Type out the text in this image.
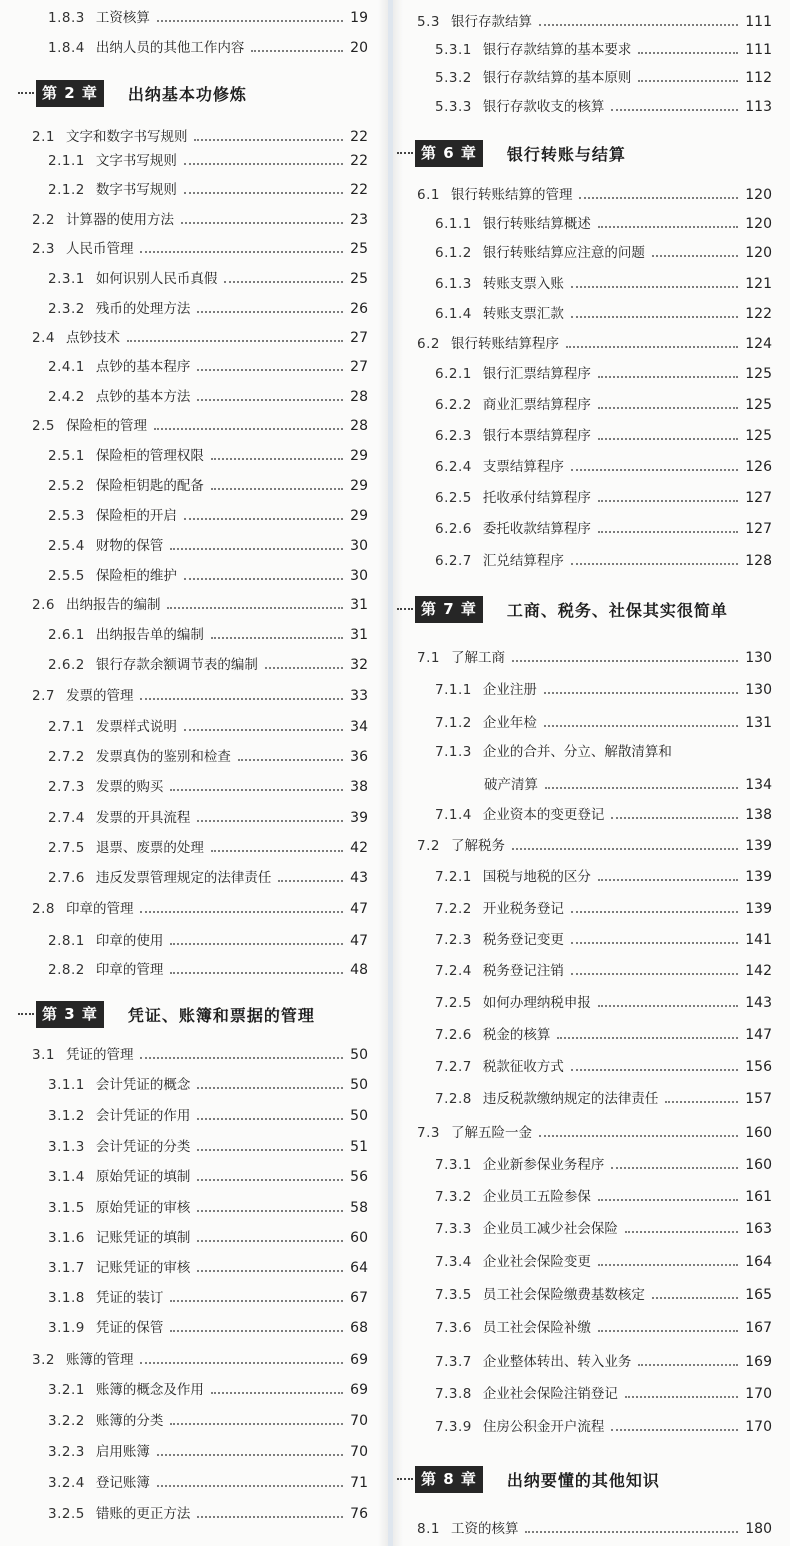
1.8.3 工资核算	19
1.8.4 出纳人员的其他工作内容	20
第 2 章	出纳基本功修炼
2.1 文字和数字书写规则	22
2.1.1 文字书写规则	22
2.1.2 数字书写规则	22
2.2 计算器的使用方法	23
2.3 人民币管理	25
2.3.1 如何识别人民币真假	25
2.3.2 残币的处理方法	26
2.4 点钞技术	27
2.4.1 点钞的基本程序	27
2.4.2 点钞的基本方法	28
2.5 保险柜的管理	28
2.5.1 保险柜的管理权限	29
2.5.2 保险柜钥匙的配备	29
2.5.3 保险柜的开启	29
2.5.4 财物的保管	30
2.5.5 保险柜的维护	30
2.6 出纳报告的编制	31
2.6.1 出纳报告单的编制	31
2.6.2 银行存款余额调节表的编制	32
2.7 发票的管理	33
2.7.1 发票样式说明	34
2.7.2 发票真伪的鉴别和检查	36
2.7.3 发票的购买	38
2.7.4 发票的开具流程	39
2.7.5 退票、废票的处理	42
2.7.6 违反发票管理规定的法律责任	43
2.8 印章的管理	47
2.8.1 印章的使用	47
2.8.2 印章的管理	48
第 3 章	凭证、账簿和票据的管理
3.1 凭证的管理	50
3.1.1 会计凭证的概念	50
3.1.2 会计凭证的作用	50
3.1.3 会计凭证的分类	51
3.1.4 原始凭证的填制	56
3.1.5 原始凭证的审核	58
3.1.6 记账凭证的填制	60
3.1.7 记账凭证的审核	64
3.1.8 凭证的装订	67
3.1.9 凭证的保管	68
3.2 账簿的管理	69
3.2.1 账簿的概念及作用	69
3.2.2 账簿的分类	70
3.2.3 启用账簿	70
3.2.4 登记账簿	71
3.2.5 错账的更正方法	76
5.3 银行存款结算	111
5.3.1 银行存款结算的基本要求	111
5.3.2 银行存款结算的基本原则	112
5.3.3 银行存款收支的核算	113
第 6 章	银行转账与结算
6.1 银行转账结算的管理	120
6.1.1 银行转账结算概述	120
6.1.2 银行转账结算应注意的问题	120
6.1.3 转账支票入账	121
6.1.4 转账支票汇款	122
6.2 银行转账结算程序	124
6.2.1 银行汇票结算程序	125
6.2.2 商业汇票结算程序	125
6.2.3 银行本票结算程序	125
6.2.4 支票结算程序	126
6.2.5 托收承付结算程序	127
6.2.6 委托收款结算程序	127
6.2.7 汇兑结算程序	128
第 7 章	工商、税务、社保其实很简单
7.1 了解工商	130
7.1.1 企业注册	130
7.1.2 企业年检	131
7.1.3 企业的合并、分立、解散清算和
破产清算	134
7.1.4 企业资本的变更登记	138
7.2 了解税务	139
7.2.1 国税与地税的区分	139
7.2.2 开业税务登记	139
7.2.3 税务登记变更	141
7.2.4 税务登记注销	142
7.2.5 如何办理纳税申报	143
7.2.6 税金的核算	147
7.2.7 税款征收方式	156
7.2.8 违反税款缴纳规定的法律责任	157
7.3 了解五险一金	160
7.3.1 企业新参保业务程序	160
7.3.2 企业员工五险参保	161
7.3.3 企业员工减少社会保险	163
7.3.4 企业社会保险变更	164
7.3.5 员工社会保险缴费基数核定	165
7.3.6 员工社会保险补缴	167
7.3.7 企业整体转出、转入业务	169
7.3.8 企业社会保险注销登记	170
7.3.9 住房公积金开户流程	170
第 8 章	出纳要懂的其他知识
8.1 工资的核算	180
